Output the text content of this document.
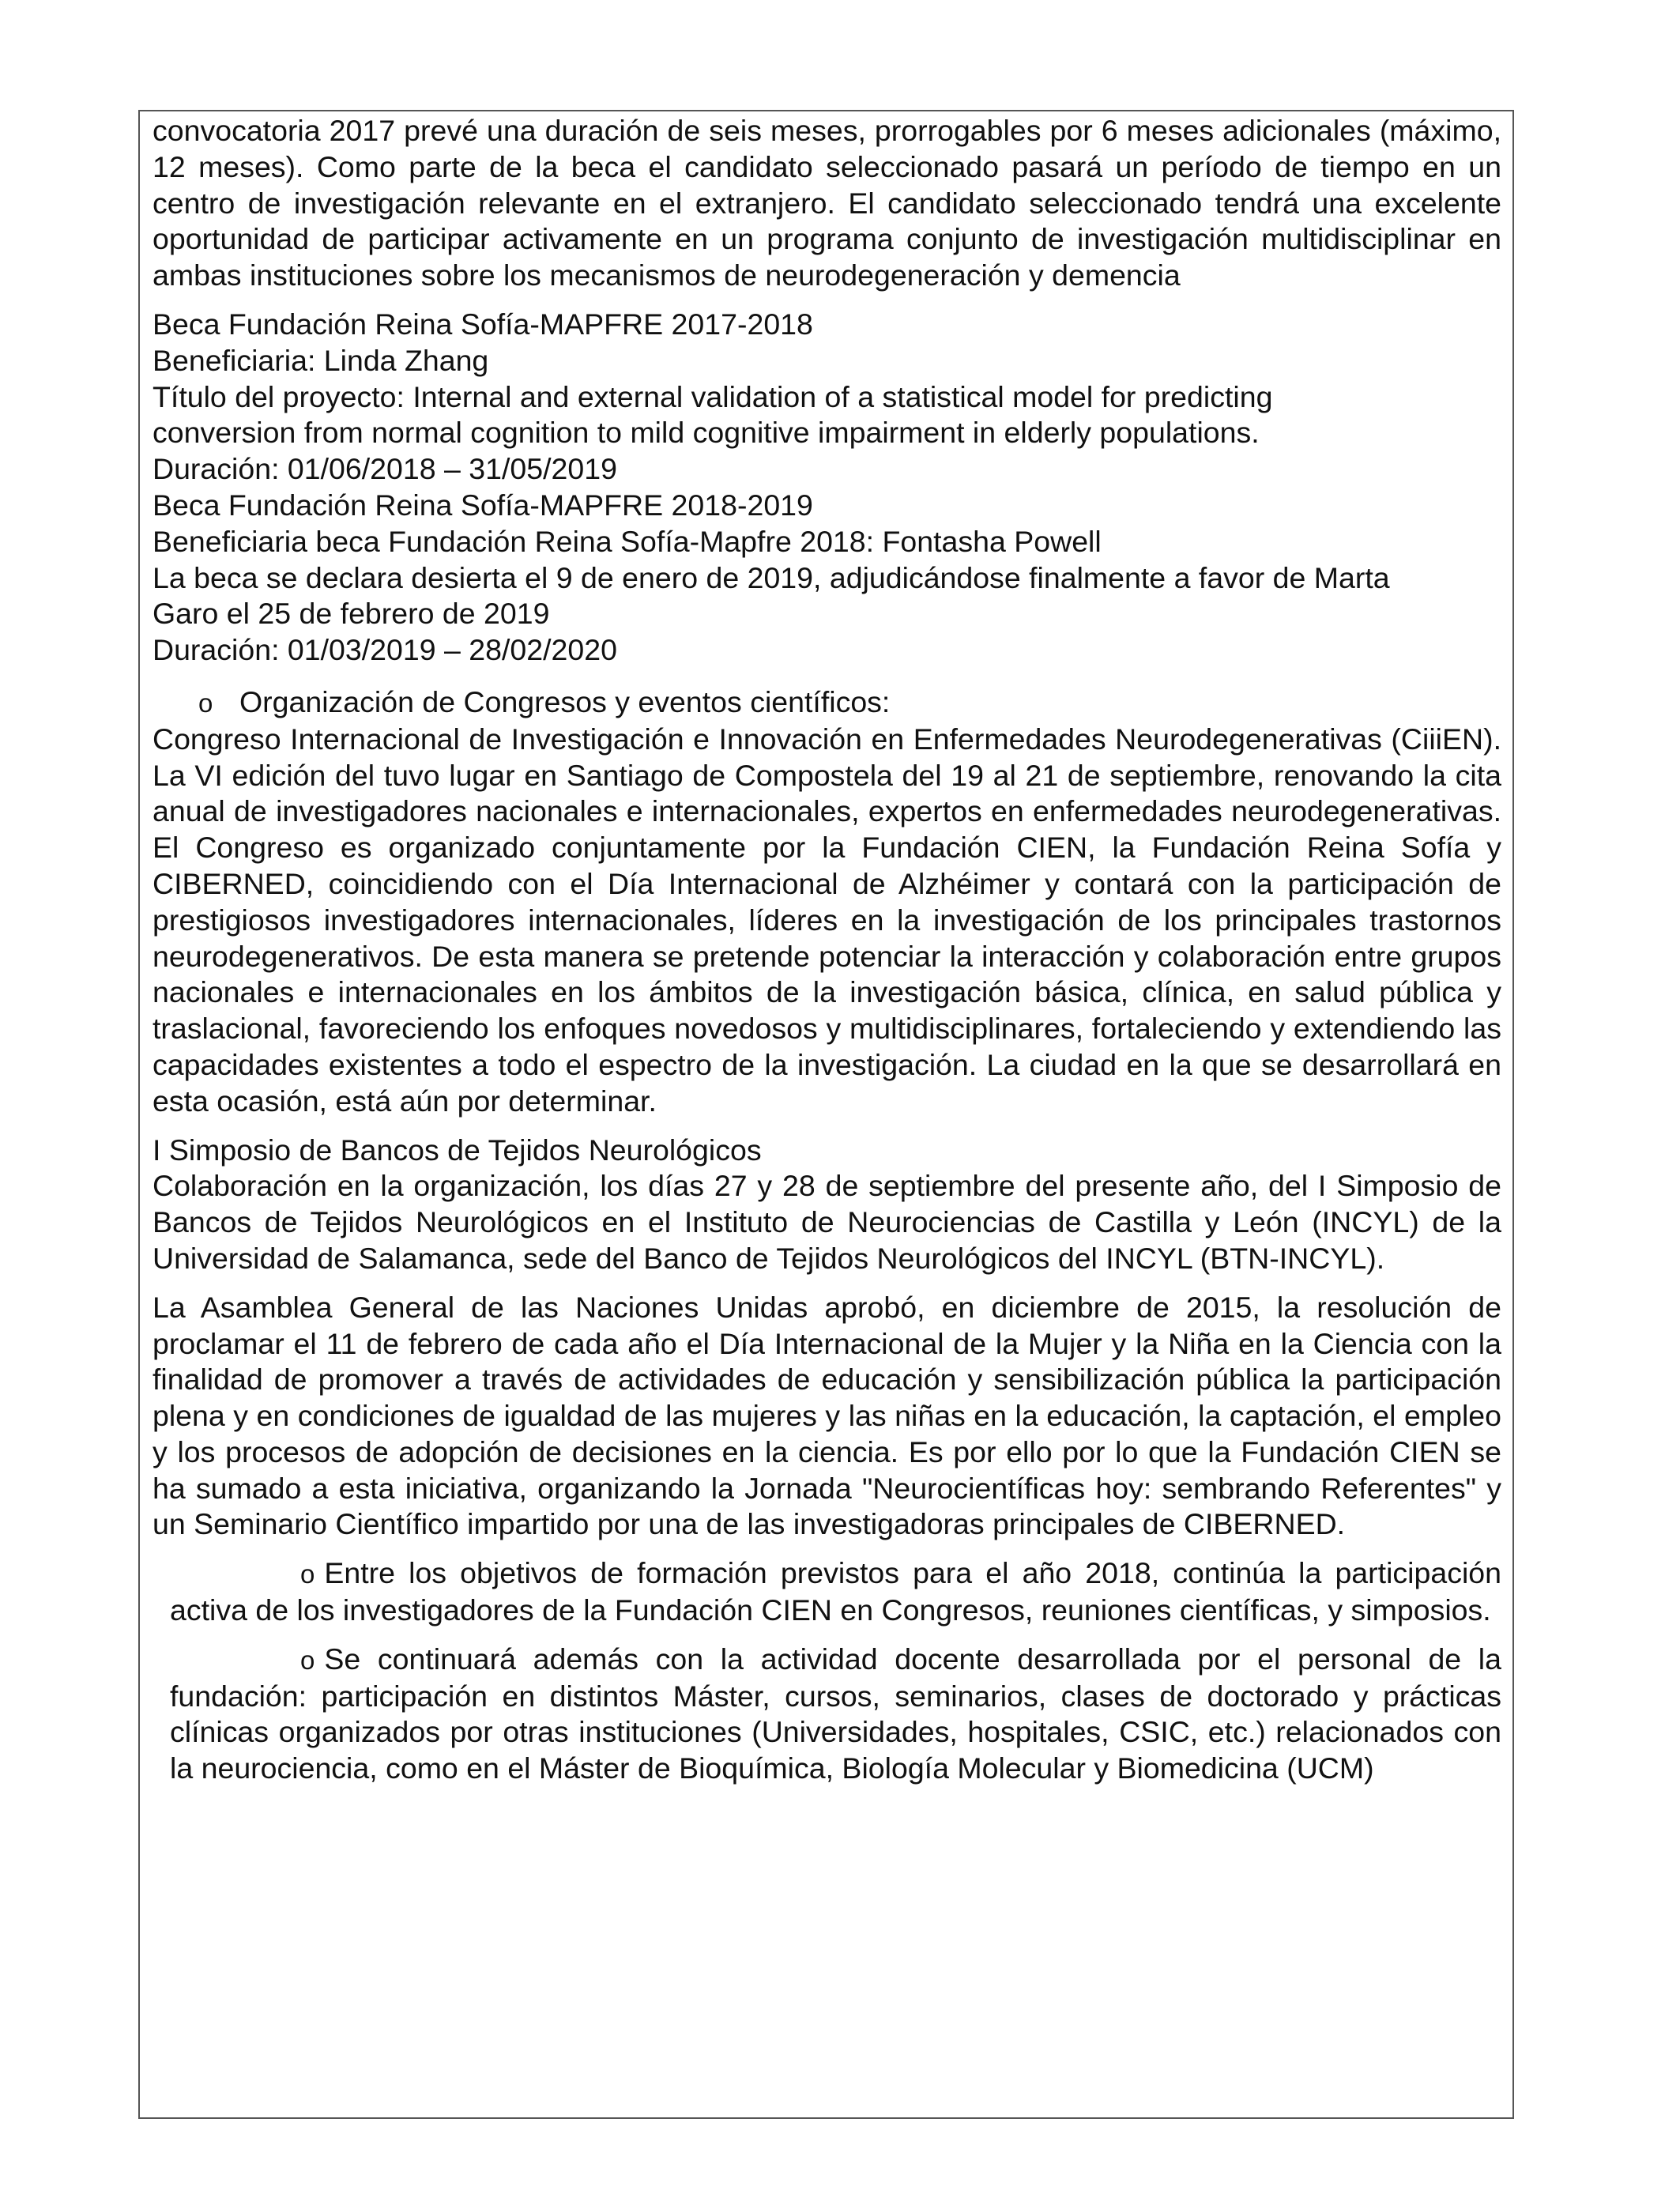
convocatoria 2017 prevé una duración de seis meses, prorrogables por 6 meses adicionales (máximo, 12 meses). Como parte de la beca el candidato seleccionado pasará un período de tiempo en un centro de investigación relevante en el extranjero. El candidato seleccionado tendrá una excelente oportunidad de participar activamente en un programa conjunto de investigación multidisciplinar en ambas instituciones sobre los mecanismos de neurodegeneración y demencia

Beca Fundación Reina Sofía-MAPFRE 2017-2018

Beneficiaria: Linda Zhang

Título del proyecto: Internal and external validation of a statistical model for predicting

conversion from normal cognition to mild cognitive impairment in elderly populations.

Duración: 01/06/2018 – 31/05/2019

Beca Fundación Reina Sofía-MAPFRE 2018-2019

Beneficiaria beca Fundación Reina Sofía-Mapfre 2018: Fontasha Powell

La beca se declara desierta el 9 de enero de 2019, adjudicándose finalmente a favor de Marta

Garo el 25 de febrero de 2019

Duración: 01/03/2019 – 28/02/2020

o Organización de Congresos y eventos científicos:

Congreso Internacional de Investigación e Innovación en Enfermedades Neurodegenerativas (CiiiEN). La VI edición del tuvo lugar en Santiago de Compostela del 19 al 21 de septiembre, renovando la cita anual de investigadores nacionales e internacionales, expertos en enfermedades neurodegenerativas. El Congreso es organizado conjuntamente por la Fundación CIEN, la Fundación Reina Sofía y CIBERNED, coincidiendo con el Día Internacional de Alzhéimer y contará con la participación de prestigiosos investigadores internacionales, líderes en la investigación de los principales trastornos neurodegenerativos. De esta manera se pretende potenciar la interacción y colaboración entre grupos nacionales e internacionales en los ámbitos de la investigación básica, clínica, en salud pública y traslacional, favoreciendo los enfoques novedosos y multidisciplinares, fortaleciendo y extendiendo las capacidades existentes a todo el espectro de la investigación. La ciudad en la que se desarrollará en esta ocasión, está aún por determinar.

I Simposio de Bancos de Tejidos Neurológicos

Colaboración en la organización, los días 27 y 28 de septiembre del presente año, del I Simposio de Bancos de Tejidos Neurológicos en el Instituto de Neurociencias de Castilla y León (INCYL) de la Universidad de Salamanca, sede del Banco de Tejidos Neurológicos del INCYL (BTN-INCYL).

La Asamblea General de las Naciones Unidas aprobó, en diciembre de 2015, la resolución de proclamar el 11 de febrero de cada año el Día Internacional de la Mujer y la Niña en la Ciencia con la finalidad de promover a través de actividades de educación y sensibilización pública la participación plena y en condiciones de igualdad de las mujeres y las niñas en la educación, la captación, el empleo y los procesos de adopción de decisiones en la ciencia. Es por ello por lo que la Fundación CIEN se ha sumado a esta iniciativa, organizando la Jornada "Neurocientíficas hoy: sembrando Referentes" y un Seminario Científico impartido por una de las investigadoras principales de CIBERNED.

o Entre los objetivos de formación previstos para el año 2018, continúa la participación activa de los investigadores de la Fundación CIEN en Congresos, reuniones científicas, y simposios.

o Se continuará además con la actividad docente desarrollada por el personal de la fundación: participación en distintos Máster, cursos, seminarios, clases de doctorado y prácticas clínicas organizados por otras instituciones (Universidades, hospitales, CSIC, etc.) relacionados con la neurociencia, como en el Máster de Bioquímica, Biología Molecular y Biomedicina (UCM)
